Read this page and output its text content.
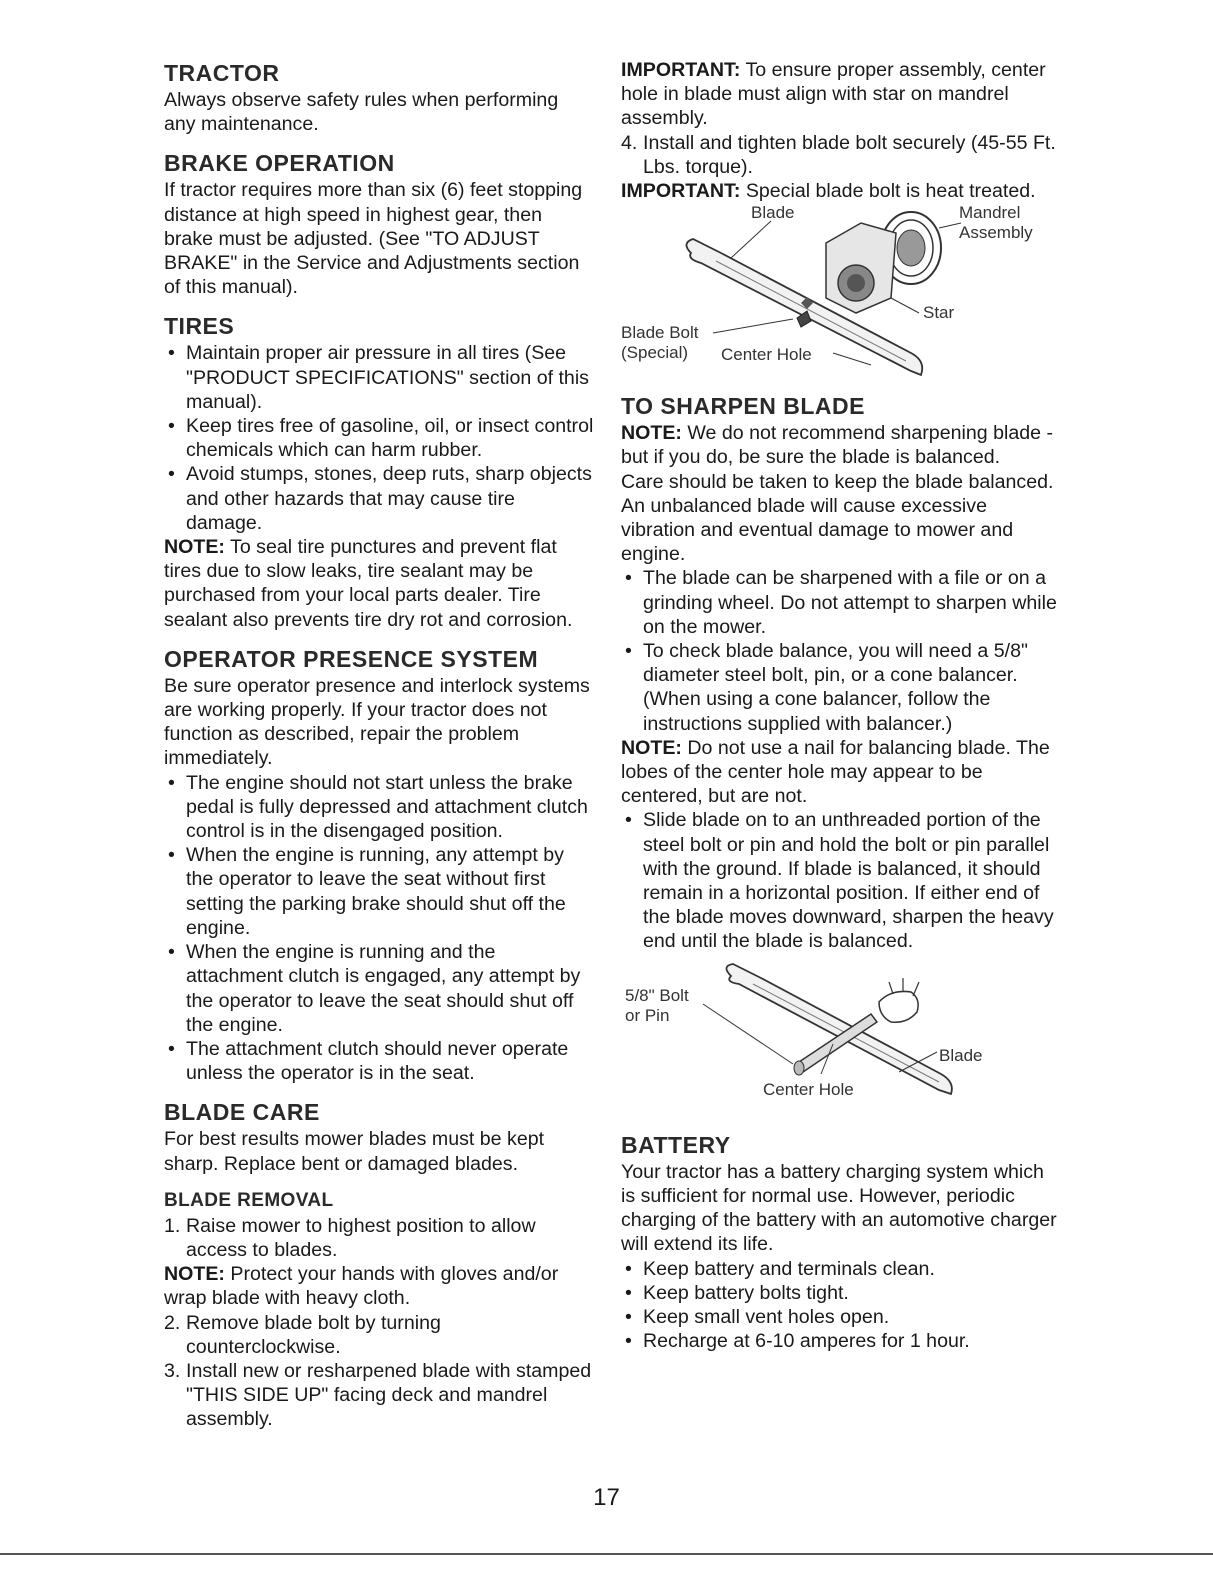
TRACTOR

Always observe safety rules when performing any maintenance.

BRAKE OPERATION

If tractor requires more than six (6) feet stopping distance at high speed in highest gear, then brake must be adjusted. (See "TO ADJUST BRAKE" in the Service and Adjustments section of this manual).

TIRES
• Maintain proper air pressure in all tires (See "PRODUCT SPECIFICATIONS" section of this manual).
• Keep tires free of gasoline, oil, or insect control chemicals which can harm rubber.
• Avoid stumps, stones, deep ruts, sharp objects and other hazards that may cause tire damage.

NOTE: To seal tire punctures and prevent flat tires due to slow leaks, tire sealant may be purchased from your local parts dealer. Tire sealant also prevents tire dry rot and corrosion.

OPERATOR PRESENCE SYSTEM

Be sure operator presence and interlock systems are working properly. If your tractor does not function as described, repair the problem immediately.

• The engine should not start unless the brake pedal is fully depressed and attachment clutch control is in the disengaged position.
• When the engine is running, any attempt by the operator to leave the seat without first setting the parking brake should shut off the engine.
• When the engine is running and the attachment clutch is engaged, any attempt by the operator to leave the seat should shut off the engine.
• The attachment clutch should never operate unless the operator is in the seat.
BLADE CARE

For best results mower blades must be kept sharp. Replace bent or damaged blades.

BLADE REMOVAL
1. Raise mower to highest position to allow access to blades.

NOTE: Protect your hands with gloves and/or wrap blade with heavy cloth.

2. Remove blade bolt by turning counterclockwise.
3. Install new or resharpened blade with stamped "THIS SIDE UP" facing deck and mandrel assembly.

IMPORTANT: To ensure proper assembly, center hole in blade must align with star on mandrel assembly.

4. Install and tighten blade bolt securely (45-55 Ft. Lbs. torque).

IMPORTANT: Special blade bolt is heat treated.

Blade	Mandrel
Assembly
Blade Bolt
(Special) Center Hole
Star
TO SHARPEN BLADE

NOTE: We do not recommend sharpening blade - but if you do, be sure the blade is balanced.

Care should be taken to keep the blade balanced. An unbalanced blade will cause excessive vibration and eventual damage to mower and engine.

• The blade can be sharpened with a file or on a grinding wheel. Do not attempt to sharpen while on the mower.
• To check blade balance, you will need a 5/8" diameter steel bolt, pin, or a cone balancer. (When using a cone balancer, follow the instructions supplied with balancer.)

NOTE: Do not use a nail for balancing blade. The lobes of the center hole may appear to be centered, but are not.

• Slide blade on to an unthreaded portion of the steel bolt or pin and hold the bolt or pin parallel with the ground. If blade is balanced, it should remain in a horizontal position. If either end of the blade moves downward, sharpen the heavy end until the blade is balanced.
5/8" Bolt
or Pin
Blade
Center Hole
BATTERY

Your tractor has a battery charging system which is sufficient for normal use. However, periodic charging of the battery with an automotive charger will extend its life.

• Keep battery and terminals clean.
• Keep battery bolts tight.
• Keep small vent holes open.
• Recharge at 6-10 amperes for 1 hour.
17
